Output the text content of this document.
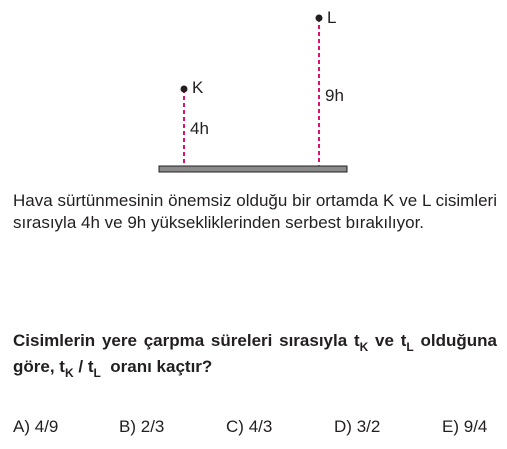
K
L
4h
9h

Hava sürtünmesinin önemsiz olduğu bir ortamda K ve L cisimleri sırasıyla 4h ve 9h yüksekliklerinden serbest bırakılıyor.

Cisimlerin yere çarpma süreleri sırasıyla $t_K$ ve $t_L$ olduğuna göre, $t_K / t_L$  oranı kaçtır?

A) 4/9	B) 2/3	C) 4/3	D) 3/2	E) 9/4
